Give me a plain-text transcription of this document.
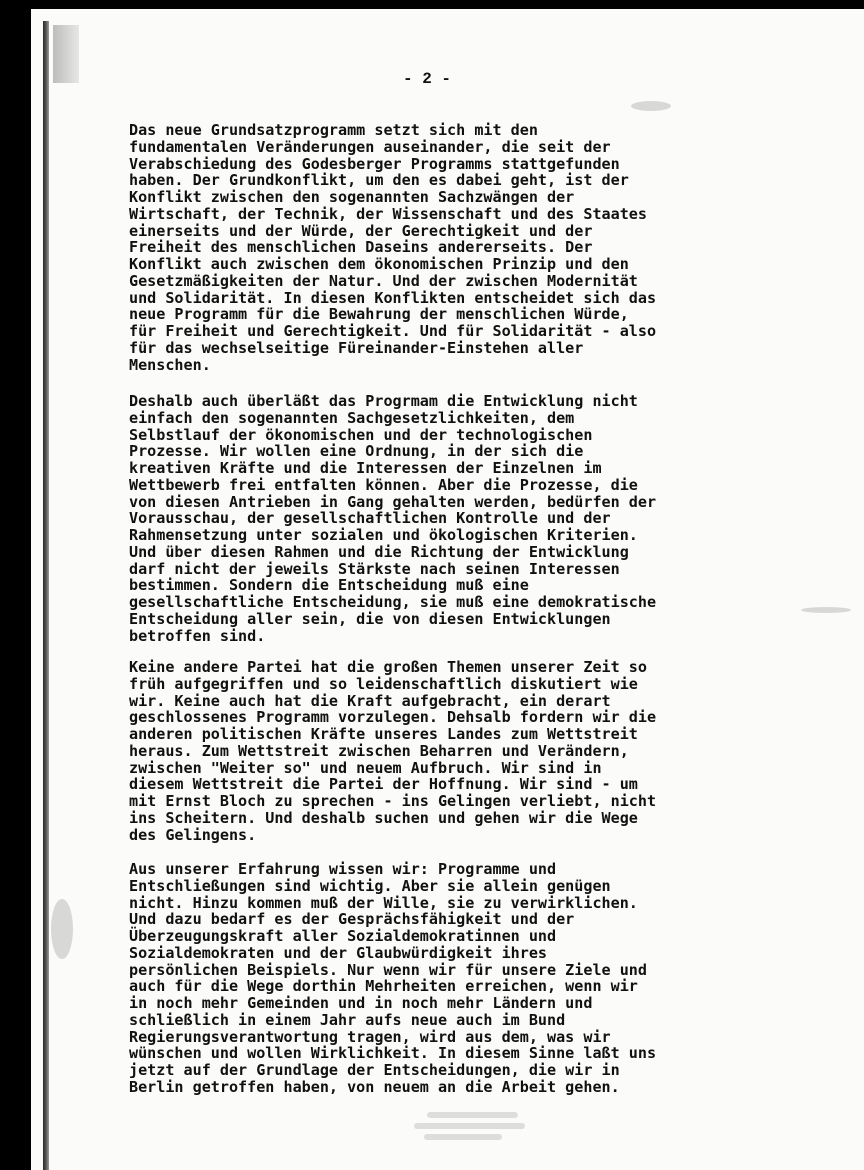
- 2 -

Das neue Grundsatzprogramm setzt sich mit den
fundamentalen Veränderungen auseinander, die seit der
Verabschiedung des Godesberger Programms stattgefunden
haben. Der Grundkonflikt, um den es dabei geht, ist der
Konflikt zwischen den sogenannten Sachzwängen der
Wirtschaft, der Technik, der Wissenschaft und des Staates
einerseits und der Würde, der Gerechtigkeit und der
Freiheit des menschlichen Daseins andererseits. Der
Konflikt auch zwischen dem ökonomischen Prinzip und den
Gesetzmäßigkeiten der Natur. Und der zwischen Modernität
und Solidarität. In diesen Konflikten entscheidet sich das
neue Programm für die Bewahrung der menschlichen Würde,
für Freiheit und Gerechtigkeit. Und für Solidarität - also
für das wechselseitige Füreinander-Einstehen aller
Menschen.

Deshalb auch überläßt das Progrmam die Entwicklung nicht
einfach den sogenannten Sachgesetzlichkeiten, dem
Selbstlauf der ökonomischen und der technologischen
Prozesse. Wir wollen eine Ordnung, in der sich die
kreativen Kräfte und die Interessen der Einzelnen im
Wettbewerb frei entfalten können. Aber die Prozesse, die
von diesen Antrieben in Gang gehalten werden, bedürfen der
Vorausschau, der gesellschaftlichen Kontrolle und der
Rahmensetzung unter sozialen und ökologischen Kriterien.
Und über diesen Rahmen und die Richtung der Entwicklung
darf nicht der jeweils Stärkste nach seinen Interessen
bestimmen. Sondern die Entscheidung muß eine
gesellschaftliche Entscheidung, sie muß eine demokratische
Entscheidung aller sein, die von diesen Entwicklungen
betroffen sind.

Keine andere Partei hat die großen Themen unserer Zeit so
früh aufgegriffen und so leidenschaftlich diskutiert wie
wir. Keine auch hat die Kraft aufgebracht, ein derart
geschlossenes Programm vorzulegen. Dehsalb fordern wir die
anderen politischen Kräfte unseres Landes zum Wettstreit
heraus. Zum Wettstreit zwischen Beharren und Verändern,
zwischen "Weiter so" und neuem Aufbruch. Wir sind in
diesem Wettstreit die Partei der Hoffnung. Wir sind - um
mit Ernst Bloch zu sprechen - ins Gelingen verliebt, nicht
ins Scheitern. Und deshalb suchen und gehen wir die Wege
des Gelingens.

Aus unserer Erfahrung wissen wir: Programme und
Entschließungen sind wichtig. Aber sie allein genügen
nicht. Hinzu kommen muß der Wille, sie zu verwirklichen.
Und dazu bedarf es der Gesprächsfähigkeit und der
Überzeugungskraft aller Sozialdemokratinnen und
Sozialdemokraten und der Glaubwürdigkeit ihres
persönlichen Beispiels. Nur wenn wir für unsere Ziele und
auch für die Wege dorthin Mehrheiten erreichen, wenn wir
in noch mehr Gemeinden und in noch mehr Ländern und
schließlich in einem Jahr aufs neue auch im Bund
Regierungsverantwortung tragen, wird aus dem, was wir
wünschen und wollen Wirklichkeit. In diesem Sinne laßt uns
jetzt auf der Grundlage der Entscheidungen, die wir in
Berlin getroffen haben, von neuem an die Arbeit gehen.
